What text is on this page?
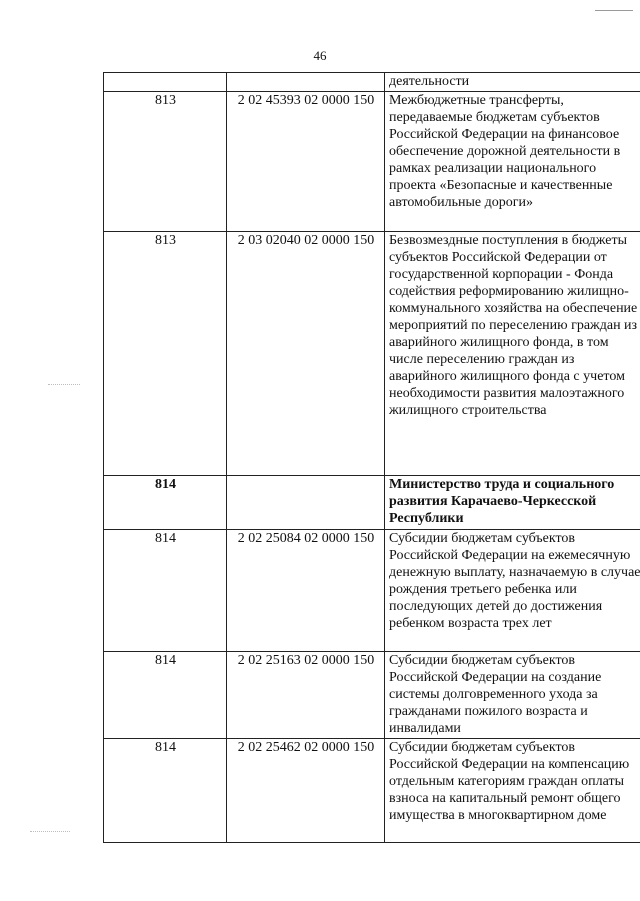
46
		деятельности
813	2 02 45393 02 0000 150	Межбюджетные трансферты, передаваемые бюджетам субъектов Российской Федерации на финансовое обеспечение дорожной деятельности в рамках реализации национального проекта «Безопасные и качественные автомобильные дороги»
813	2 03 02040 02 0000 150	Безвозмездные поступления в бюджеты субъектов Российской Федерации от государственной корпорации - Фонда содействия реформированию жилищно-коммунального хозяйства на обеспечение мероприятий по переселению граждан из аварийного жилищного фонда, в том числе переселению граждан из аварийного жилищного фонда с учетом необходимости развития малоэтажного жилищного строительства
814		Министерство труда и социального развития Карачаево-Черкесской Республики
814	2 02 25084 02 0000 150	Субсидии бюджетам субъектов Российской Федерации на ежемесячную денежную выплату, назначаемую в случае рождения третьего ребенка или последующих детей до достижения ребенком возраста трех лет
814	2 02 25163 02 0000 150	Субсидии бюджетам субъектов Российской Федерации на создание системы долговременного ухода за гражданами пожилого возраста и инвалидами
814	2 02 25462 02 0000 150	Субсидии бюджетам субъектов Российской Федерации на компенсацию отдельным категориям граждан оплаты взноса на капитальный ремонт общего имущества в многоквартирном доме
